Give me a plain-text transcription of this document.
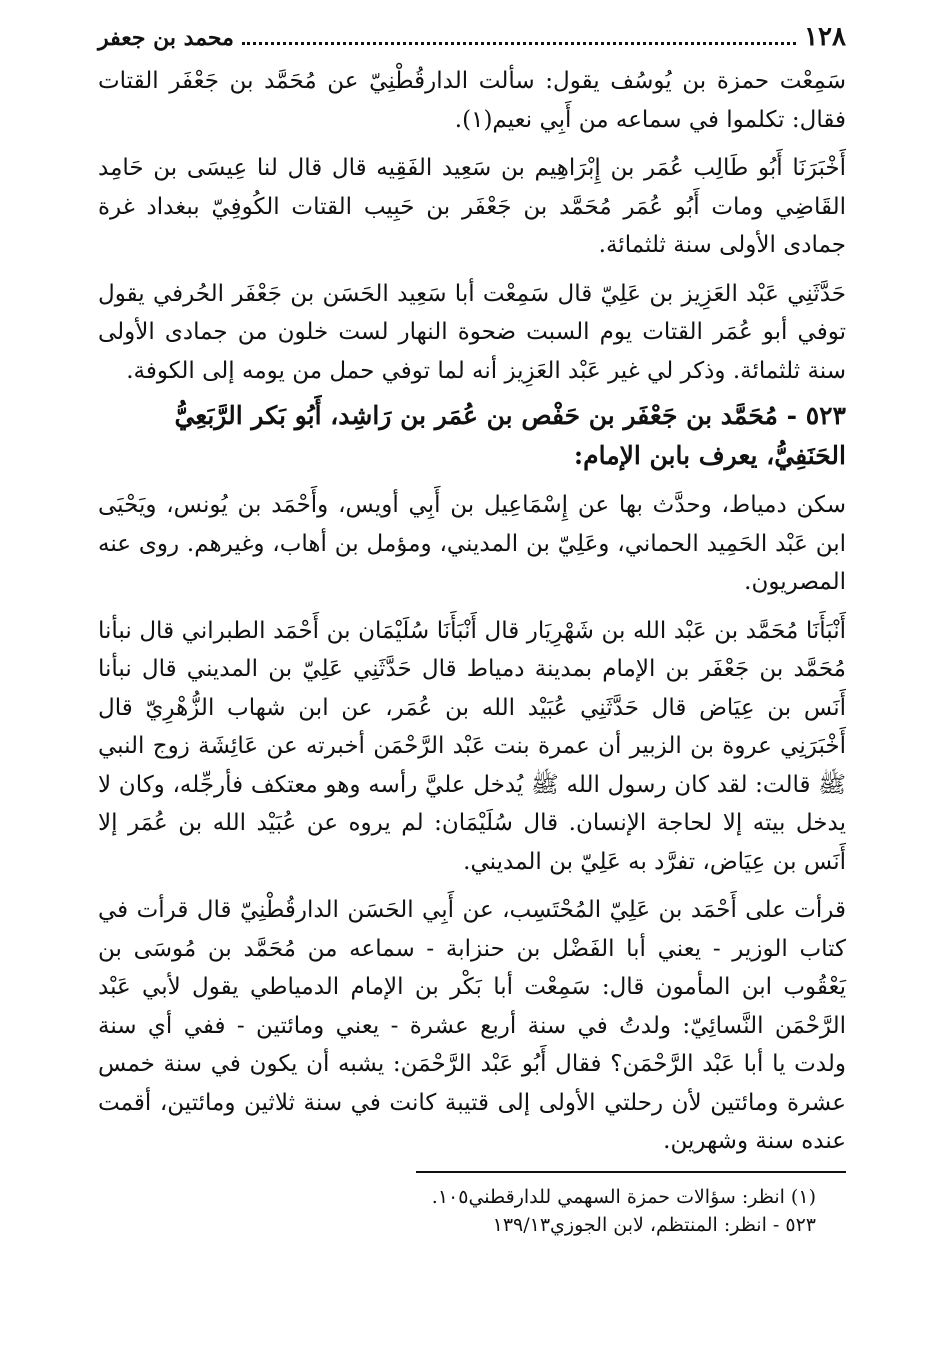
١٢٨
محمد بن جعفر

سَمِعْت حمزة بن يُوسُف يقول: سألت الدارقُطْنِيّ عن مُحَمَّد بن جَعْفَر القتات فقال: تكلموا في سماعه من أَبِي نعيم(١).

أَخْبَرَنَا أَبُو طَالِب عُمَر بن إِبْرَاهِيم بن سَعِيد الفَقِيه قال قال لنا عِيسَى بن حَامِد القَاضِي ومات أَبُو عُمَر مُحَمَّد بن جَعْفَر بن حَبِيب القتات الكُوفِيّ ببغداد غرة جمادى الأولى سنة ثلثمائة.

حَدَّثَنِي عَبْد العَزِيز بن عَلِيّ قال سَمِعْت أبا سَعِيد الحَسَن بن جَعْفَر الحُرفي يقول توفي أبو عُمَر القتات يوم السبت ضحوة النهار لست خلون من جمادى الأولى سنة ثلثمائة. وذكر لي غير عَبْد العَزِيز أنه لما توفي حمل من يومه إلى الكوفة.

٥٢٣ - مُحَمَّد بن جَعْفَر بن حَفْص بن عُمَر بن رَاشِد، أَبُو بَكر الرَّبَعِيُّ الحَنَفِيُّ، يعرف بابن الإمام:

سكن دمياط، وحدَّث بها عن إِسْمَاعِيل بن أَبِي أويس، وأَحْمَد بن يُونس، ويَحْيَى ابن عَبْد الحَمِيد الحماني، وعَلِيّ بن المديني، ومؤمل بن أهاب، وغيرهم. روى عنه المصريون.

أَنْبَأَنَا مُحَمَّد بن عَبْد الله بن شَهْرِيَار قال أَنْبَأَنَا سُلَيْمَان بن أَحْمَد الطبراني قال نبأنا مُحَمَّد بن جَعْفَر بن الإمام بمدينة دمياط قال حَدَّثَنِي عَلِيّ بن المديني قال نبأنا أَنَس بن عِيَاض قال حَدَّثَنِي عُبَيْد الله بن عُمَر، عن ابن شهاب الزُّهْرِيّ قال أَخْبَرَنِي عروة بن الزبير أن عمرة بنت عَبْد الرَّحْمَن أخبرته عن عَائِشَة زوج النبي ﷺ قالت: لقد كان رسول الله ﷺ يُدخل عليَّ رأسه وهو معتكف فأرجِّله، وكان لا يدخل بيته إلا لحاجة الإنسان. قال سُلَيْمَان: لم يروه عن عُبَيْد الله بن عُمَر إلا أَنَس بن عِيَاض، تفرَّد به عَلِيّ بن المديني.

قرأت على أَحْمَد بن عَلِيّ المُحْتَسِب، عن أَبِي الحَسَن الدارقُطْنِيّ قال قرأت في كتاب الوزير - يعني أبا الفَضْل بن حنزابة - سماعه من مُحَمَّد بن مُوسَى بن يَعْقُوب ابن المأمون قال: سَمِعْت أبا بَكْر بن الإمام الدمياطي يقول لأبي عَبْد الرَّحْمَن النَّسائِيّ: ولدتُ في سنة أربع عشرة - يعني ومائتين - ففي أي سنة ولدت يا أبا عَبْد الرَّحْمَن؟ فقال أَبُو عَبْد الرَّحْمَن: يشبه أن يكون في سنة خمس عشرة ومائتين لأن رحلتي الأولى إلى قتيبة كانت في سنة ثلاثين ومائتين، أقمت عنده سنة وشهرين.

(١) انظر: سؤالات حمزة السهمي للدارقطني١٠٥.

٥٢٣ - انظر: المنتظم، لابن الجوزي١٣٩/١٣
